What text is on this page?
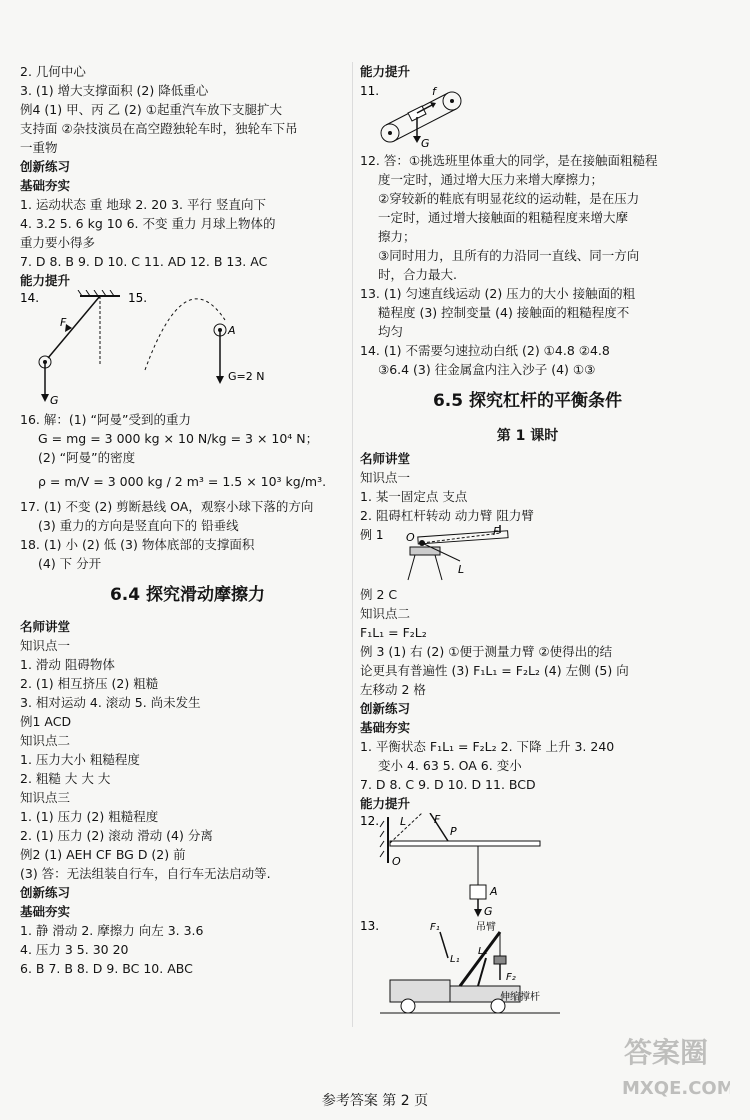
2. 几何中心
3. (1) 增大支撑面积 (2) 降低重心
例4 (1) 甲、丙 乙 (2) ①起重汽车放下支腿扩大
支持面 ②杂技演员在高空蹬独轮车时，独轮车下吊
一重物
创新练习
基础夯实
1. 运动状态 重 地球 2. 20 3. 平行 竖直向下
4. 3.2 5. 6 kg 10 6. 不变 重力 月球上物体的
重力要小得多
7. D 8. B 9. D 10. C 11. AD 12. B 13. AC
能力提升
14.
F
G
15.
A
G=2 N
16. 解：(1) “阿曼”受到的重力
G = mg = 3 000 kg × 10 N/kg = 3 × 10⁴ N；
(2) “阿曼”的密度
ρ = m/V = 3 000 kg / 2 m³ = 1.5 × 10³ kg/m³.
17. (1) 不变 (2) 剪断悬线 OA，观察小球下落的方向
(3) 重力的方向是竖直向下的 铅垂线
18. (1) 小 (2) 低 (3) 物体底部的支撑面积
(4) 下 分开
6.4 探究滑动摩擦力
名师讲堂
知识点一
1. 滑动 阻碍物体
2. (1) 相互挤压 (2) 粗糙
3. 相对运动 4. 滚动 5. 尚未发生
例1 ACD
知识点二
1. 压力大小 粗糙程度
2. 粗糙 大 大 大
知识点三
1. (1) 压力 (2) 粗糙程度
2. (1) 压力 (2) 滚动 滑动 (4) 分离
例2 (1) AEH CF BG D (2) 前
(3) 答：无法组装自行车，自行车无法启动等.
创新练习
基础夯实
1. 静 滑动 2. 摩擦力 向左 3. 3.6
4. 压力 3 5. 30 20
6. B 7. B 8. D 9. BC 10. ABC
能力提升
11.	f
G
12. 答：①挑选班里体重大的同学，是在接触面粗糙程
度一定时，通过增大压力来增大摩擦力；
②穿较新的鞋底有明显花纹的运动鞋，是在压力
一定时，通过增大接触面的粗糙程度来增大摩
擦力；
③同时用力，且所有的力沿同一直线、同一方向
时，合力最大.
13. (1) 匀速直线运动 (2) 压力的大小 接触面的粗
糙程度 (3) 控制变量 (4) 接触面的粗糙程度不
均匀
14. (1) 不需要匀速拉动白纸 (2) ①4.8 ②4.8
③6.4 (3) 往金属盒内注入沙子 (4) ①③
6.5 探究杠杆的平衡条件
第 1 课时
名师讲堂
知识点一
1. 某一固定点 支点
2. 阻碍杠杆转动 动力臂 阻力臂
例 1 O	F
L
例 2 C
知识点二
F₁L₁ = F₂L₂
例 3 (1) 右 (2) ①便于测量力臂 ②使得出的结
论更具有普遍性 (3) F₁L₁ = F₂L₂ (4) 左侧 (5) 向
左移动 2 格
创新练习
基础夯实
1. 平衡状态 F₁L₁ = F₂L₂ 2. 下降 上升 3. 240
变小 4. 63 5. OA 6. 变小
7. D 8. C 9. D 10. D 11. BCD
能力提升
12.
O
L	F
P
A
G
13.	F₁
L₁
L₂
F₂
吊臂
伸缩撑杆
参考答案 第 2 页
答案圈
MXQE.COM
